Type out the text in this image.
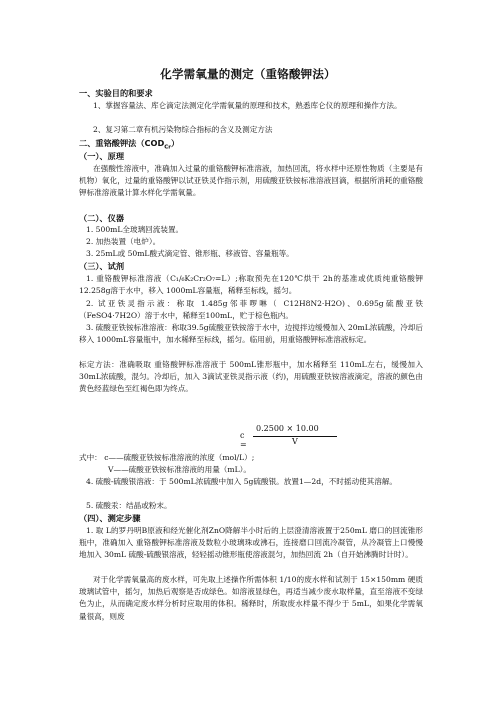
化学需氧量的测定（重铬酸钾法）
一、实验目的和要求
1、掌握容量法、库仑滴定法测定化学需氧量的原理和技术，熟悉库仑仪的原理和操作方法。
2、复习第二章有机污染物综合指标的含义及测定方法
二、重铬酸钾法$(COD_{Cr})$
（一）、原理
在强酸性溶液中，准确加入过量的重铬酸钾标准溶液，加热回流，将水样中还原性物质（主要是有机物）氧化，过量的重铬酸钾以试亚铁灵作指示剂，用硫酸亚铁铵标准溶液回滴，根据所消耗的重铬酸钾标准溶液量计算水样化学需氧量。
（二）、仪器
1. 500mL全玻璃回流装置。
2. 加热装置（电炉）。
3. 25mL或 50mL酸式滴定管、锥形瓶、移液管、容量瓶等。
（三）、试剂
1. 重铬酸钾标准溶液（C₁/₆K₂Cr₂O₇=L）;称取预先在120℃烘干 2h的基准或优质纯重铬酸钾 12.258g溶于水中，移入 1000mL容量瓶，稀释至标线，摇匀。
2. 试亚铁灵指示液：称取 1.485g邻菲啰啉（ C12H8N2·H2O)、0.695g硫酸亚铁（FeSO4·7H2O）溶于水中，稀释至100mL，贮于棕色瓶内。
3. 硫酸亚铁铵标准溶液：称取39.5g硫酸亚铁铵溶于水中，边搅拌边缓慢加入 20mL浓硫酸，冷却后移入 1000mL容量瓶中，加水稀释至标线，摇匀。临用前，用重铬酸钾标准溶液标定。
标定方法：准确吸取 重铬酸钾标准溶液于 500mL锥形瓶中，加水稀释至 110mL左右，缓慢加入 30mL浓硫酸，混匀。冷却后，加入 3滴试亚铁灵指示液（约)，用硫酸亚铁铵溶液滴定，溶液的颜色由黄色经蓝绿色至红褐色即为终点。
c =
0.2500 × 10.00
V
式中： c——硫酸亚铁铵标准溶液的浓度（mol/L）;
V——硫酸亚铁铵标准溶液的用量（mL）。
4. 硫酸-硫酸银溶液：于 500mL浓硫酸中加入 5g硫酸银。放置1—2d，不时摇动使其溶解。
5. 硫酸汞：结晶或粉末。
（四）、测定步骤
1. 取 L的罗丹明B原液和经光催化剂ZnO降解半小时后的上层澄清溶液置于250mL 磨口的回流锥形瓶中，准确加入 重铬酸钾标准溶液及数粒小玻璃珠或沸石，连接磨口回流冷凝管，从冷凝管上口慢慢地加入 30mL 硫酸-硫酸银溶液，轻轻摇动锥形瓶使溶液混匀，加热回流 2h（自开始沸腾时计时）。
对于化学需氧量高的废水样，可先取上述操作所需体积 1/10的废水样和试剂于 15×150mm 硬质玻璃试管中，摇匀，加热后观察是否成绿色。如溶液显绿色，再适当减少废水取样量，直至溶液不变绿色为止，从而确定废水样分析时应取用的体积。稀释时，所取废水样量不得少于 5mL，如果化学需氧量很高，则废
